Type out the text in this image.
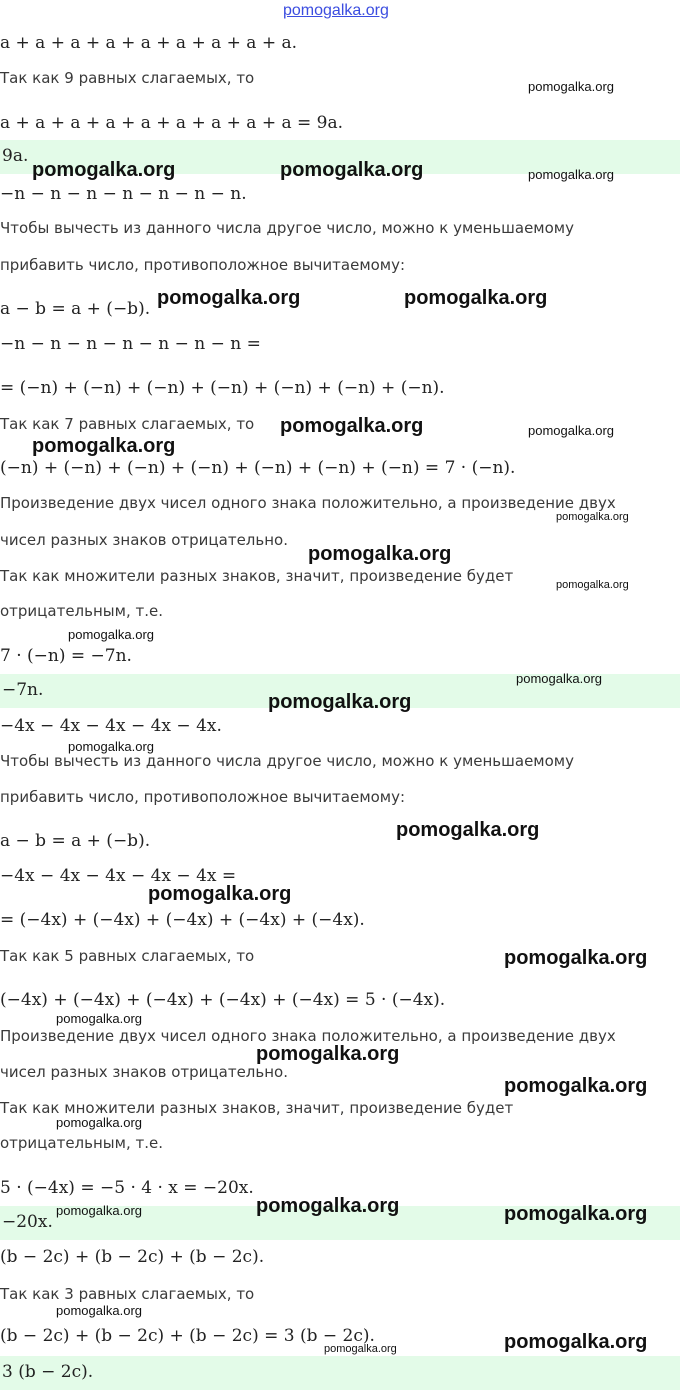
pomogalka.org
a + a + a + a + a + a + a + a + a.
Так как 9 равных слагаемых, то
a + a + a + a + a + a + a + a + a = 9a.
9a.
−n − n − n − n − n − n − n.
Чтобы вычесть из данного числа другое число, можно к уменьшаемому
прибавить число, противоположное вычитаемому:
a − b = a + (−b).
−n − n − n − n − n − n − n =
= (−n) + (−n) + (−n) + (−n) + (−n) + (−n) + (−n).
Так как 7 равных слагаемых, то
(−n) + (−n) + (−n) + (−n) + (−n) + (−n) + (−n) = 7 · (−n).
Произведение двух чисел одного знака положительно, а произведение двух
чисел разных знаков отрицательно.
Так как множители разных знаков, значит, произведение будет
отрицательным, т.е.
7 · (−n) = −7n.
−7n.
−4x − 4x − 4x − 4x − 4x.
Чтобы вычесть из данного числа другое число, можно к уменьшаемому
прибавить число, противоположное вычитаемому:
a − b = a + (−b).
−4x − 4x − 4x − 4x − 4x =
= (−4x) + (−4x) + (−4x) + (−4x) + (−4x).
Так как 5 равных слагаемых, то
(−4x) + (−4x) + (−4x) + (−4x) + (−4x) = 5 · (−4x).
Произведение двух чисел одного знака положительно, а произведение двух
чисел разных знаков отрицательно.
Так как множители разных знаков, значит, произведение будет
отрицательным, т.е.
5 · (−4x) = −5 · 4 · x = −20x.
−20x.
(b − 2c) + (b − 2c) + (b − 2c).
Так как 3 равных слагаемых, то
(b − 2c) + (b − 2c) + (b − 2c) = 3 (b − 2c).
3 (b − 2c).
pomogalka.org
pomogalka.org	pomogalka.org	pomogalka.org
pomogalka.org	pomogalka.org
pomogalka.org	pomogalka.org
pomogalka.org
pomogalka.org
pomogalka.org
pomogalka.org
pomogalka.org
pomogalka.org
pomogalka.org
pomogalka.org
pomogalka.org
pomogalka.org
pomogalka.org
pomogalka.org
pomogalka.org
pomogalka.org
pomogalka.org
pomogalka.org	pomogalka.org	pomogalka.org
pomogalka.org
pomogalka.org
pomogalka.org
